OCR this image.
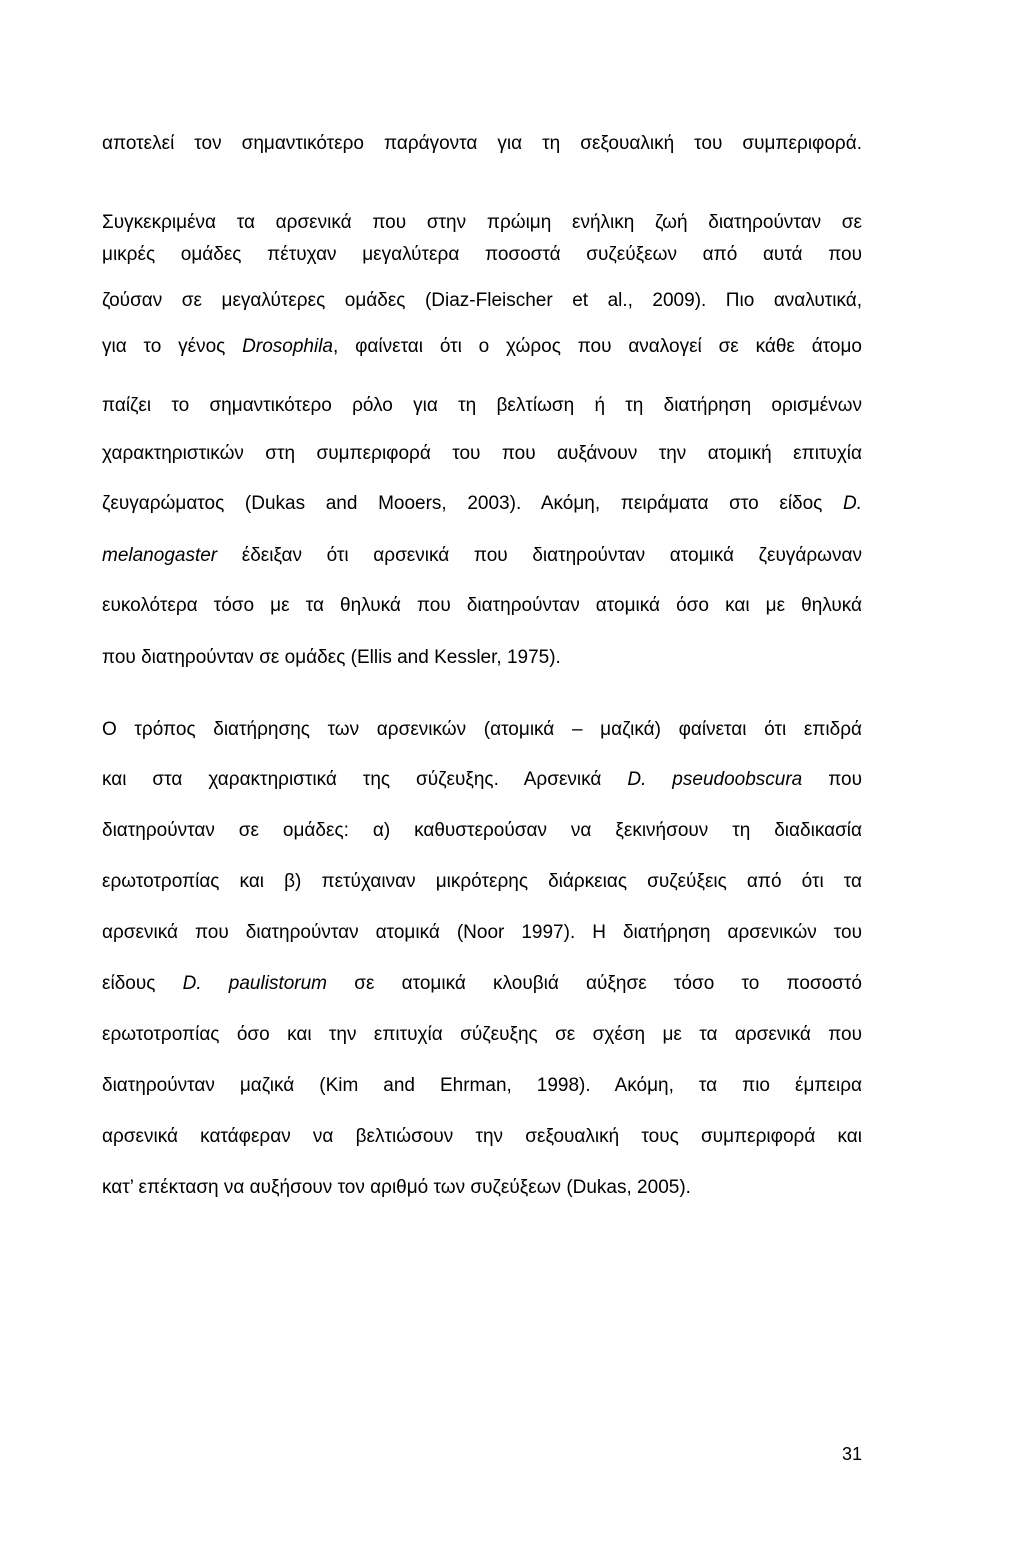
αποτελεί τον σημαντικότερο παράγοντα για τη σεξουαλική του συμπεριφορά.
Συγκεκριμένα τα αρσενικά που στην πρώιμη ενήλικη ζωή διατηρούνταν σε
μικρές ομάδες πέτυχαν μεγαλύτερα ποσοστά συζεύξεων από αυτά που
ζούσαν σε μεγαλύτερες ομάδες (Diaz-Fleischer et al., 2009). Πιο αναλυτικά,
για το γένος Drosophila, φαίνεται ότι ο χώρος που αναλογεί σε κάθε άτομο
παίζει το σημαντικότερο ρόλο για τη βελτίωση ή τη διατήρηση ορισμένων
χαρακτηριστικών στη συμπεριφορά του που αυξάνουν την ατομική επιτυχία
ζευγαρώματος (Dukas and Mooers, 2003). Ακόμη, πειράματα στο είδος D.
melanogaster έδειξαν ότι αρσενικά που διατηρούνταν ατομικά ζευγάρωναν
ευκολότερα τόσο με τα θηλυκά που διατηρούνταν ατομικά όσο και με θηλυκά
που διατηρούνταν σε ομάδες (Ellis and Kessler, 1975).
Ο τρόπος διατήρησης των αρσενικών (ατομικά – μαζικά) φαίνεται ότι επιδρά
και στα χαρακτηριστικά της σύζευξης. Αρσενικά D. pseudoobscura που
διατηρούνταν σε ομάδες: α) καθυστερούσαν να ξεκινήσουν τη διαδικασία
ερωτοτροπίας και β) πετύχαιναν μικρότερης διάρκειας συζεύξεις από ότι τα
αρσενικά που διατηρούνταν ατομικά (Noor 1997). Η διατήρηση αρσενικών του
είδους D. paulistorum σε ατομικά κλουβιά αύξησε τόσο το ποσοστό
ερωτοτροπίας όσο και την επιτυχία σύζευξης σε σχέση με τα αρσενικά που
διατηρούνταν μαζικά (Kim and Ehrman, 1998). Ακόμη, τα πιο έμπειρα
αρσενικά κατάφεραν να βελτιώσουν την σεξουαλική τους συμπεριφορά και
κατ’ επέκταση να αυξήσουν τον αριθμό των συζεύξεων (Dukas, 2005).
31
